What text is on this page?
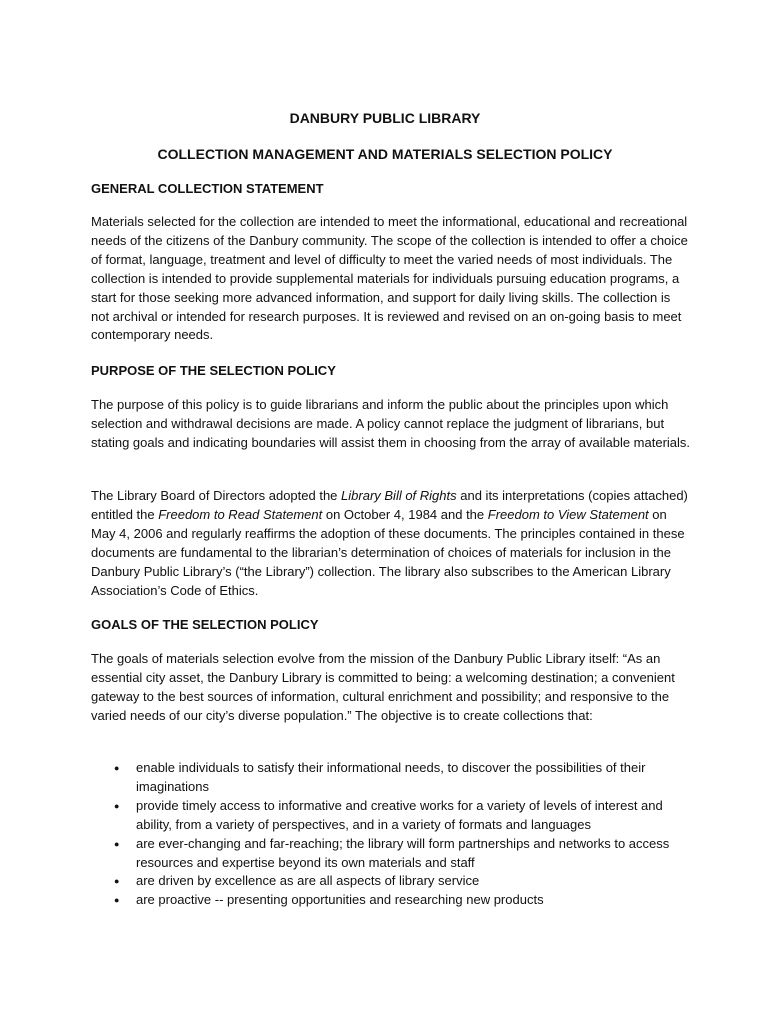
DANBURY PUBLIC LIBRARY
COLLECTION MANAGEMENT AND MATERIALS SELECTION POLICY
GENERAL COLLECTION STATEMENT

Materials selected for the collection are intended to meet the informational, educational and recreational needs of the citizens of the Danbury community. The scope of the collection is intended to offer a choice of format, language, treatment and level of difficulty to meet the varied needs of most individuals. The collection is intended to provide supplemental materials for individuals pursuing education programs, a start for those seeking more advanced information, and support for daily living skills. The collection is not archival or intended for research purposes. It is reviewed and revised on an on-going basis to meet contemporary needs.

PURPOSE OF THE SELECTION POLICY

The purpose of this policy is to guide librarians and inform the public about the principles upon which selection and withdrawal decisions are made. A policy cannot replace the judgment of librarians, but stating goals and indicating boundaries will assist them in choosing from the array of available materials.

The Library Board of Directors adopted the Library Bill of Rights and its interpretations (copies attached) entitled the Freedom to Read Statement on October 4, 1984 and the Freedom to View Statement on May 4, 2006 and regularly reaffirms the adoption of these documents. The principles contained in these documents are fundamental to the librarian’s determination of choices of materials for inclusion in the Danbury Public Library’s (“the Library”) collection. The library also subscribes to the American Library Association’s Code of Ethics.

GOALS OF THE SELECTION POLICY

The goals of materials selection evolve from the mission of the Danbury Public Library itself: “As an essential city asset, the Danbury Library is committed to being: a welcoming destination; a convenient gateway to the best sources of information, cultural enrichment and possibility; and responsive to the varied needs of our city’s diverse population.” The objective is to create collections that:

● enable individuals to satisfy their informational needs, to discover the possibilities of their imaginations
● provide timely access to informative and creative works for a variety of levels of interest and ability, from a variety of perspectives, and in a variety of formats and languages
● are ever-changing and far-reaching; the library will form partnerships and networks to access resources and expertise beyond its own materials and staff
● are driven by excellence as are all aspects of library service
● are proactive -- presenting opportunities and researching new products
